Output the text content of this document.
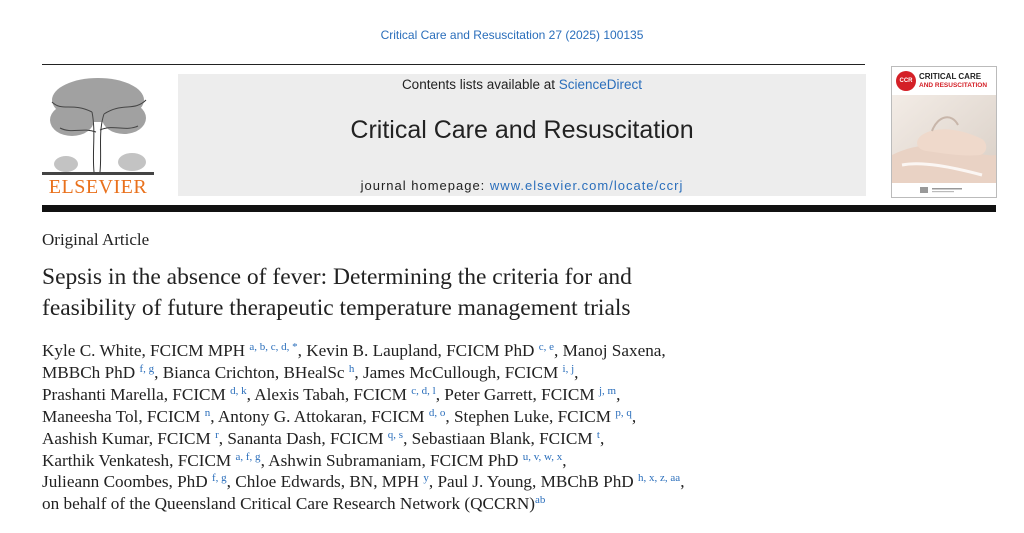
Critical Care and Resuscitation 27 (2025) 100135
ELSEVIER
Contents lists available at ScienceDirect
Critical Care and Resuscitation
journal homepage: www.elsevier.com/locate/ccrj
CCR CRITICAL CARE
AND RESUSCITATION
Original Article
Sepsis in the absence of fever: Determining the criteria for and
feasibility of future therapeutic temperature management trials
Kyle C. White, FCICM MPH $^{a, b, c, d, *}$, Kevin B. Laupland, FCICM PhD $^{c, e}$, Manoj Saxena,
MBBCh PhD $^{f, g}$, Bianca Crichton, BHealSc $^h$, James McCullough, FCICM $^{i, j}$,
Prashanti Marella, FCICM $^{d, k}$, Alexis Tabah, FCICM $^{c, d, l}$, Peter Garrett, FCICM $^{j, m}$,
Maneesha Tol, FCICM $^n$, Antony G. Attokaran, FCICM $^{d, o}$, Stephen Luke, FCICM $^{p, q}$,
Aashish Kumar, FCICM $^r$, Sananta Dash, FCICM $^{q, s}$, Sebastiaan Blank, FCICM $^t$,
Karthik Venkatesh, FCICM $^{a, f, g}$, Ashwin Subramaniam, FCICM PhD $^{u, v, w, x}$,
Julieann Coombes, PhD $^{f, g}$, Chloe Edwards, BN, MPH $^y$, Paul J. Young, MBChB PhD $^{h, x, z, aa}$,
on behalf of the Queensland Critical Care Research Network (QCCRN)$^{ab}$
